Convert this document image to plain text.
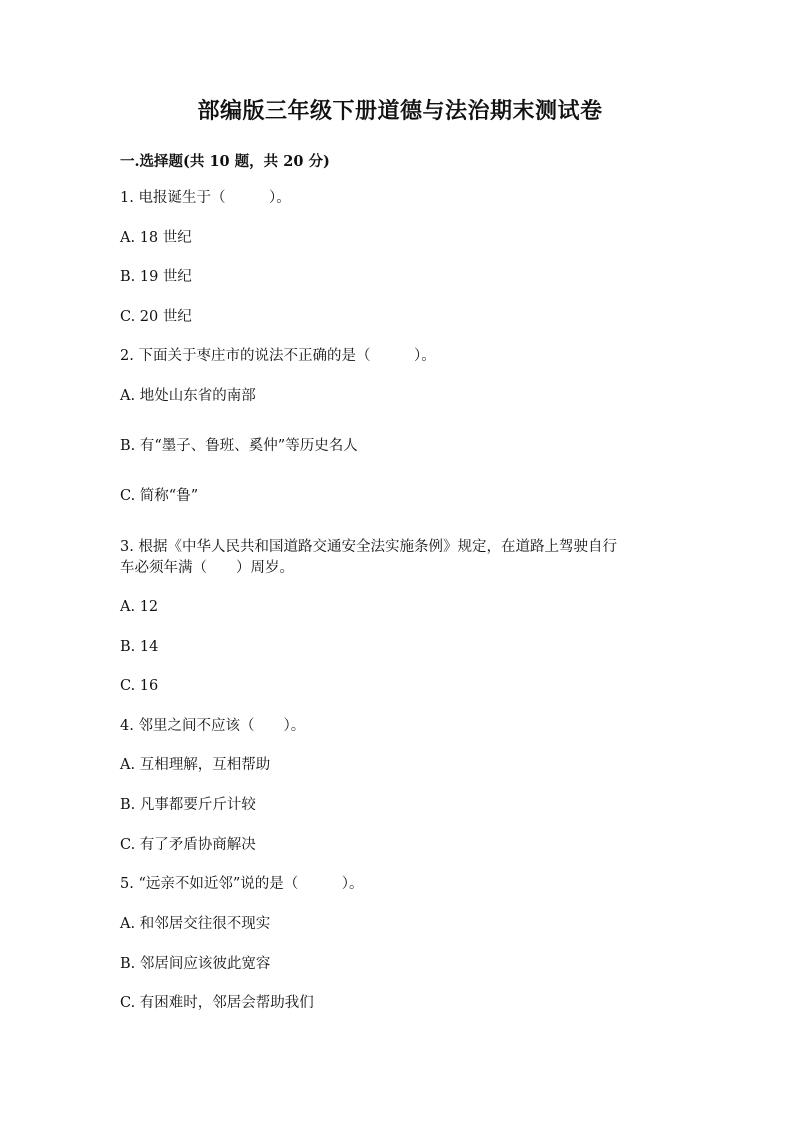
部编版三年级下册道德与法治期末测试卷
一.选择题(共 10 题，共 20 分)
1. 电报诞生于（　　　）。
A. 18 世纪
B. 19 世纪
C. 20 世纪
2. 下面关于枣庄市的说法不正确的是（　　　）。
A. 地处山东省的南部
B. 有“墨子、鲁班、奚仲”等历史名人
C. 简称“鲁”
3. 根据《中华人民共和国道路交通安全法实施条例》规定，在道路上驾驶自行
车必须年满（　　）周岁。
A. 12
B. 14
C. 16
4. 邻里之间不应该（　　）。
A. 互相理解，互相帮助
B. 凡事都要斤斤计较
C. 有了矛盾协商解决
5. “远亲不如近邻”说的是（　　　）。
A. 和邻居交往很不现实
B. 邻居间应该彼此宽容
C. 有困难时，邻居会帮助我们
